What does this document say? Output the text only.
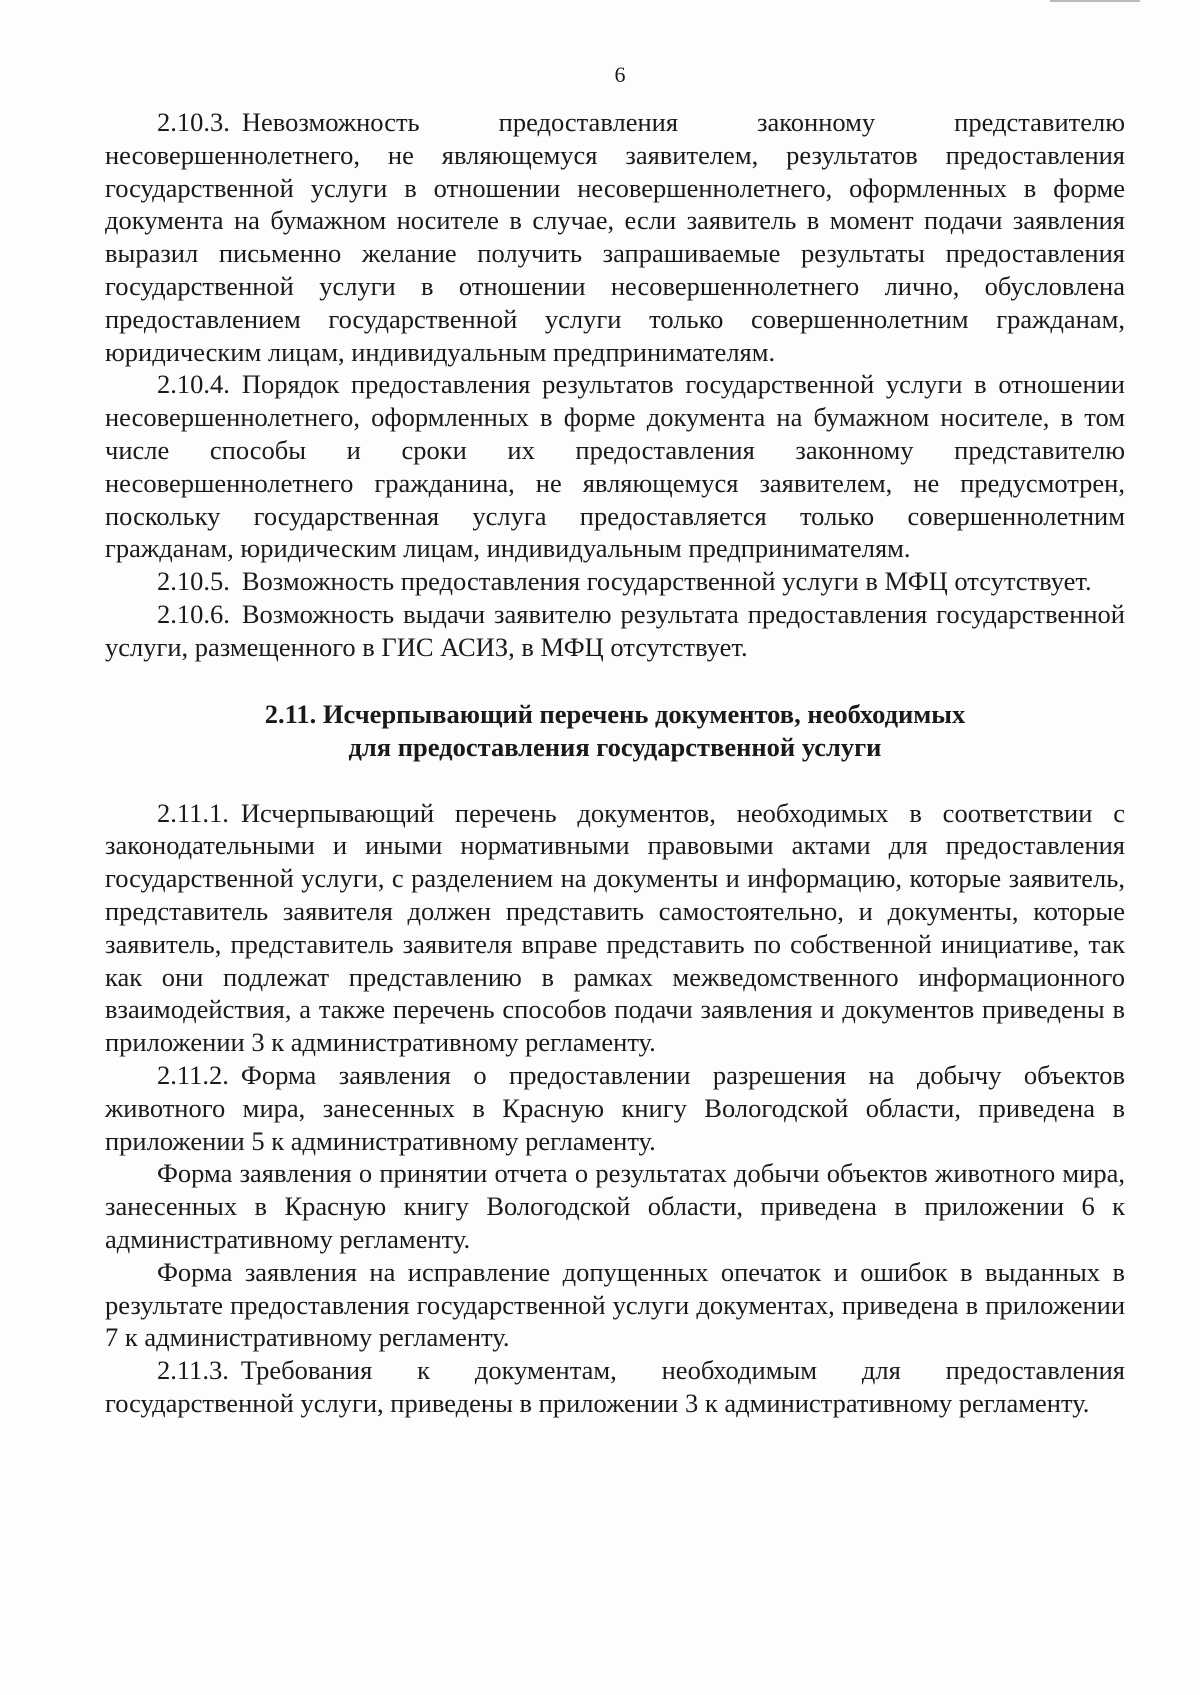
6

2.10.3. Невозможность предоставления законному представителю несовершеннолетнего, не являющемуся заявителем, результатов предоставления государственной услуги в отношении несовершеннолетнего, оформленных в форме документа на бумажном носителе в случае, если заявитель в момент подачи заявления выразил письменно желание получить запрашиваемые результаты предоставления государственной услуги в отношении несовершеннолетнего лично, обусловлена предоставлением государственной услуги только совершеннолетним гражданам, юридическим лицам, индивидуальным предпринимателям.

2.10.4. Порядок предоставления результатов государственной услуги в отношении несовершеннолетнего, оформленных в форме документа на бумажном носителе, в том числе способы и сроки их предоставления законному представителю несовершеннолетнего гражданина, не являющемуся заявителем, не предусмотрен, поскольку государственная услуга предоставляется только совершеннолетним гражданам, юридическим лицам, индивидуальным предпринимателям.

2.10.5. Возможность предоставления государственной услуги в МФЦ отсутствует.

2.10.6. Возможность выдачи заявителю результата предоставления государственной услуги, размещенного в ГИС АСИЗ, в МФЦ отсутствует.

2.11. Исчерпывающий перечень документов, необходимых
для предоставления государственной услуги

2.11.1. Исчерпывающий перечень документов, необходимых в соответствии с законодательными и иными нормативными правовыми актами для предоставления государственной услуги, с разделением на документы и информацию, которые заявитель, представитель заявителя должен представить самостоятельно, и документы, которые заявитель, представитель заявителя вправе представить по собственной инициативе, так как они подлежат представлению в рамках межведомственного информационного взаимодействия, а также перечень способов подачи заявления и документов приведены в приложении 3 к административному регламенту.

2.11.2. Форма заявления о предоставлении разрешения на добычу объектов животного мира, занесенных в Красную книгу Вологодской области, приведена в приложении 5 к административному регламенту.

Форма заявления о принятии отчета о результатах добычи объектов животного мира, занесенных в Красную книгу Вологодской области, приведена в приложении 6 к административному регламенту.

Форма заявления на исправление допущенных опечаток и ошибок в выданных в результате предоставления государственной услуги документах, приведена в приложении 7 к административному регламенту.

2.11.3. Требования к документам, необходимым для предоставления государственной услуги, приведены в приложении 3 к административному регламенту.
